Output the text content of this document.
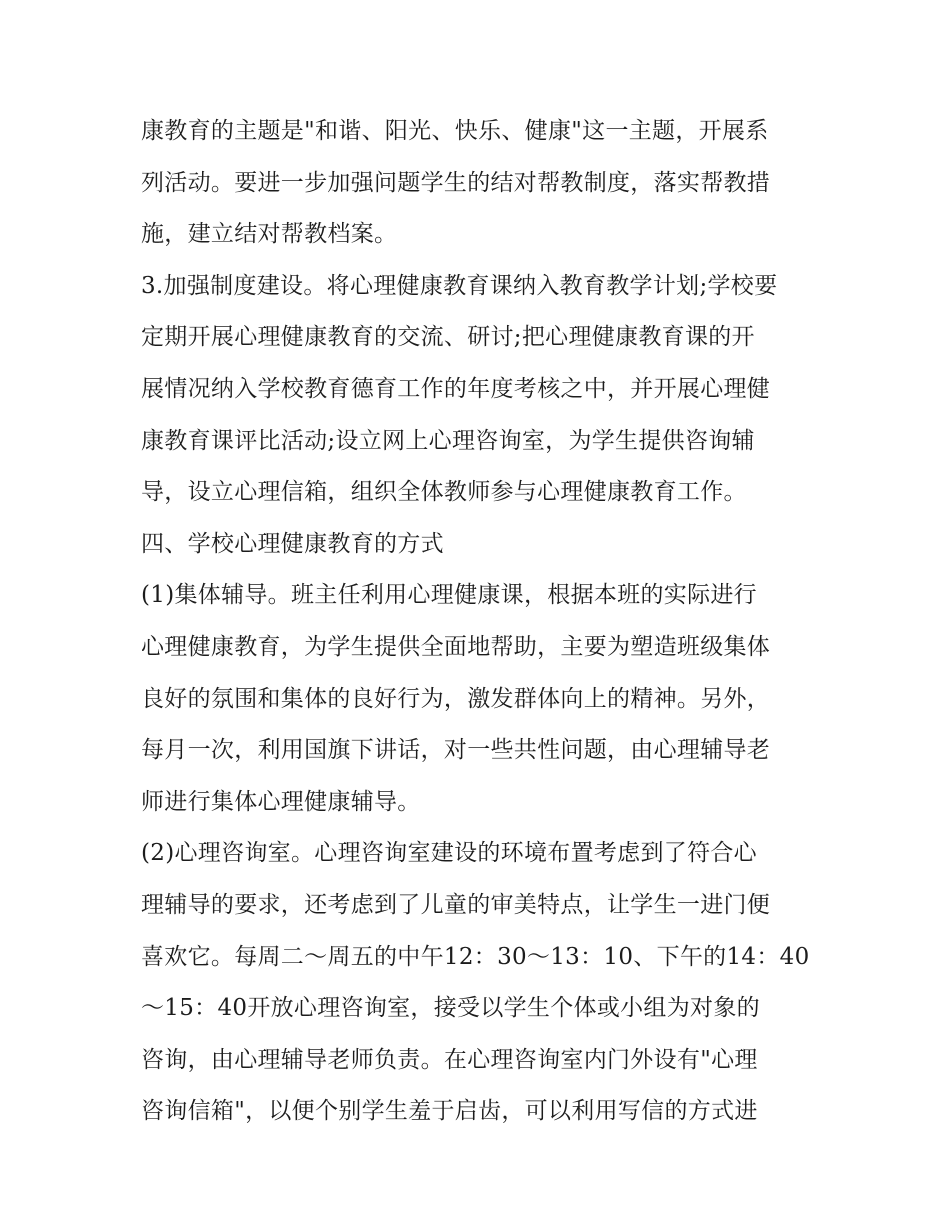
康教育的主题是"和谐、阳光、快乐、健康"这一主题，开展系
列活动。要进一步加强问题学生的结对帮教制度，落实帮教措
施，建立结对帮教档案。
3.加强制度建设。将心理健康教育课纳入教育教学计划;学校要
定期开展心理健康教育的交流、研讨;把心理健康教育课的开
展情况纳入学校教育德育工作的年度考核之中，并开展心理健
康教育课评比活动;设立网上心理咨询室，为学生提供咨询辅
导，设立心理信箱，组织全体教师参与心理健康教育工作。
四、学校心理健康教育的方式
(1)集体辅导。班主任利用心理健康课，根据本班的实际进行
心理健康教育，为学生提供全面地帮助，主要为塑造班级集体
良好的氛围和集体的良好行为，激发群体向上的精神。另外，
每月一次，利用国旗下讲话，对一些共性问题，由心理辅导老
师进行集体心理健康辅导。
(2)心理咨询室。心理咨询室建设的环境布置考虑到了符合心
理辅导的要求，还考虑到了儿童的审美特点，让学生一进门便
喜欢它。每周二～周五的中午12：30～13：10、下午的14：40
～15：40开放心理咨询室，接受以学生个体或小组为对象的
咨询，由心理辅导老师负责。在心理咨询室内门外设有"心理
咨询信箱"，以便个别学生羞于启齿，可以利用写信的方式进
